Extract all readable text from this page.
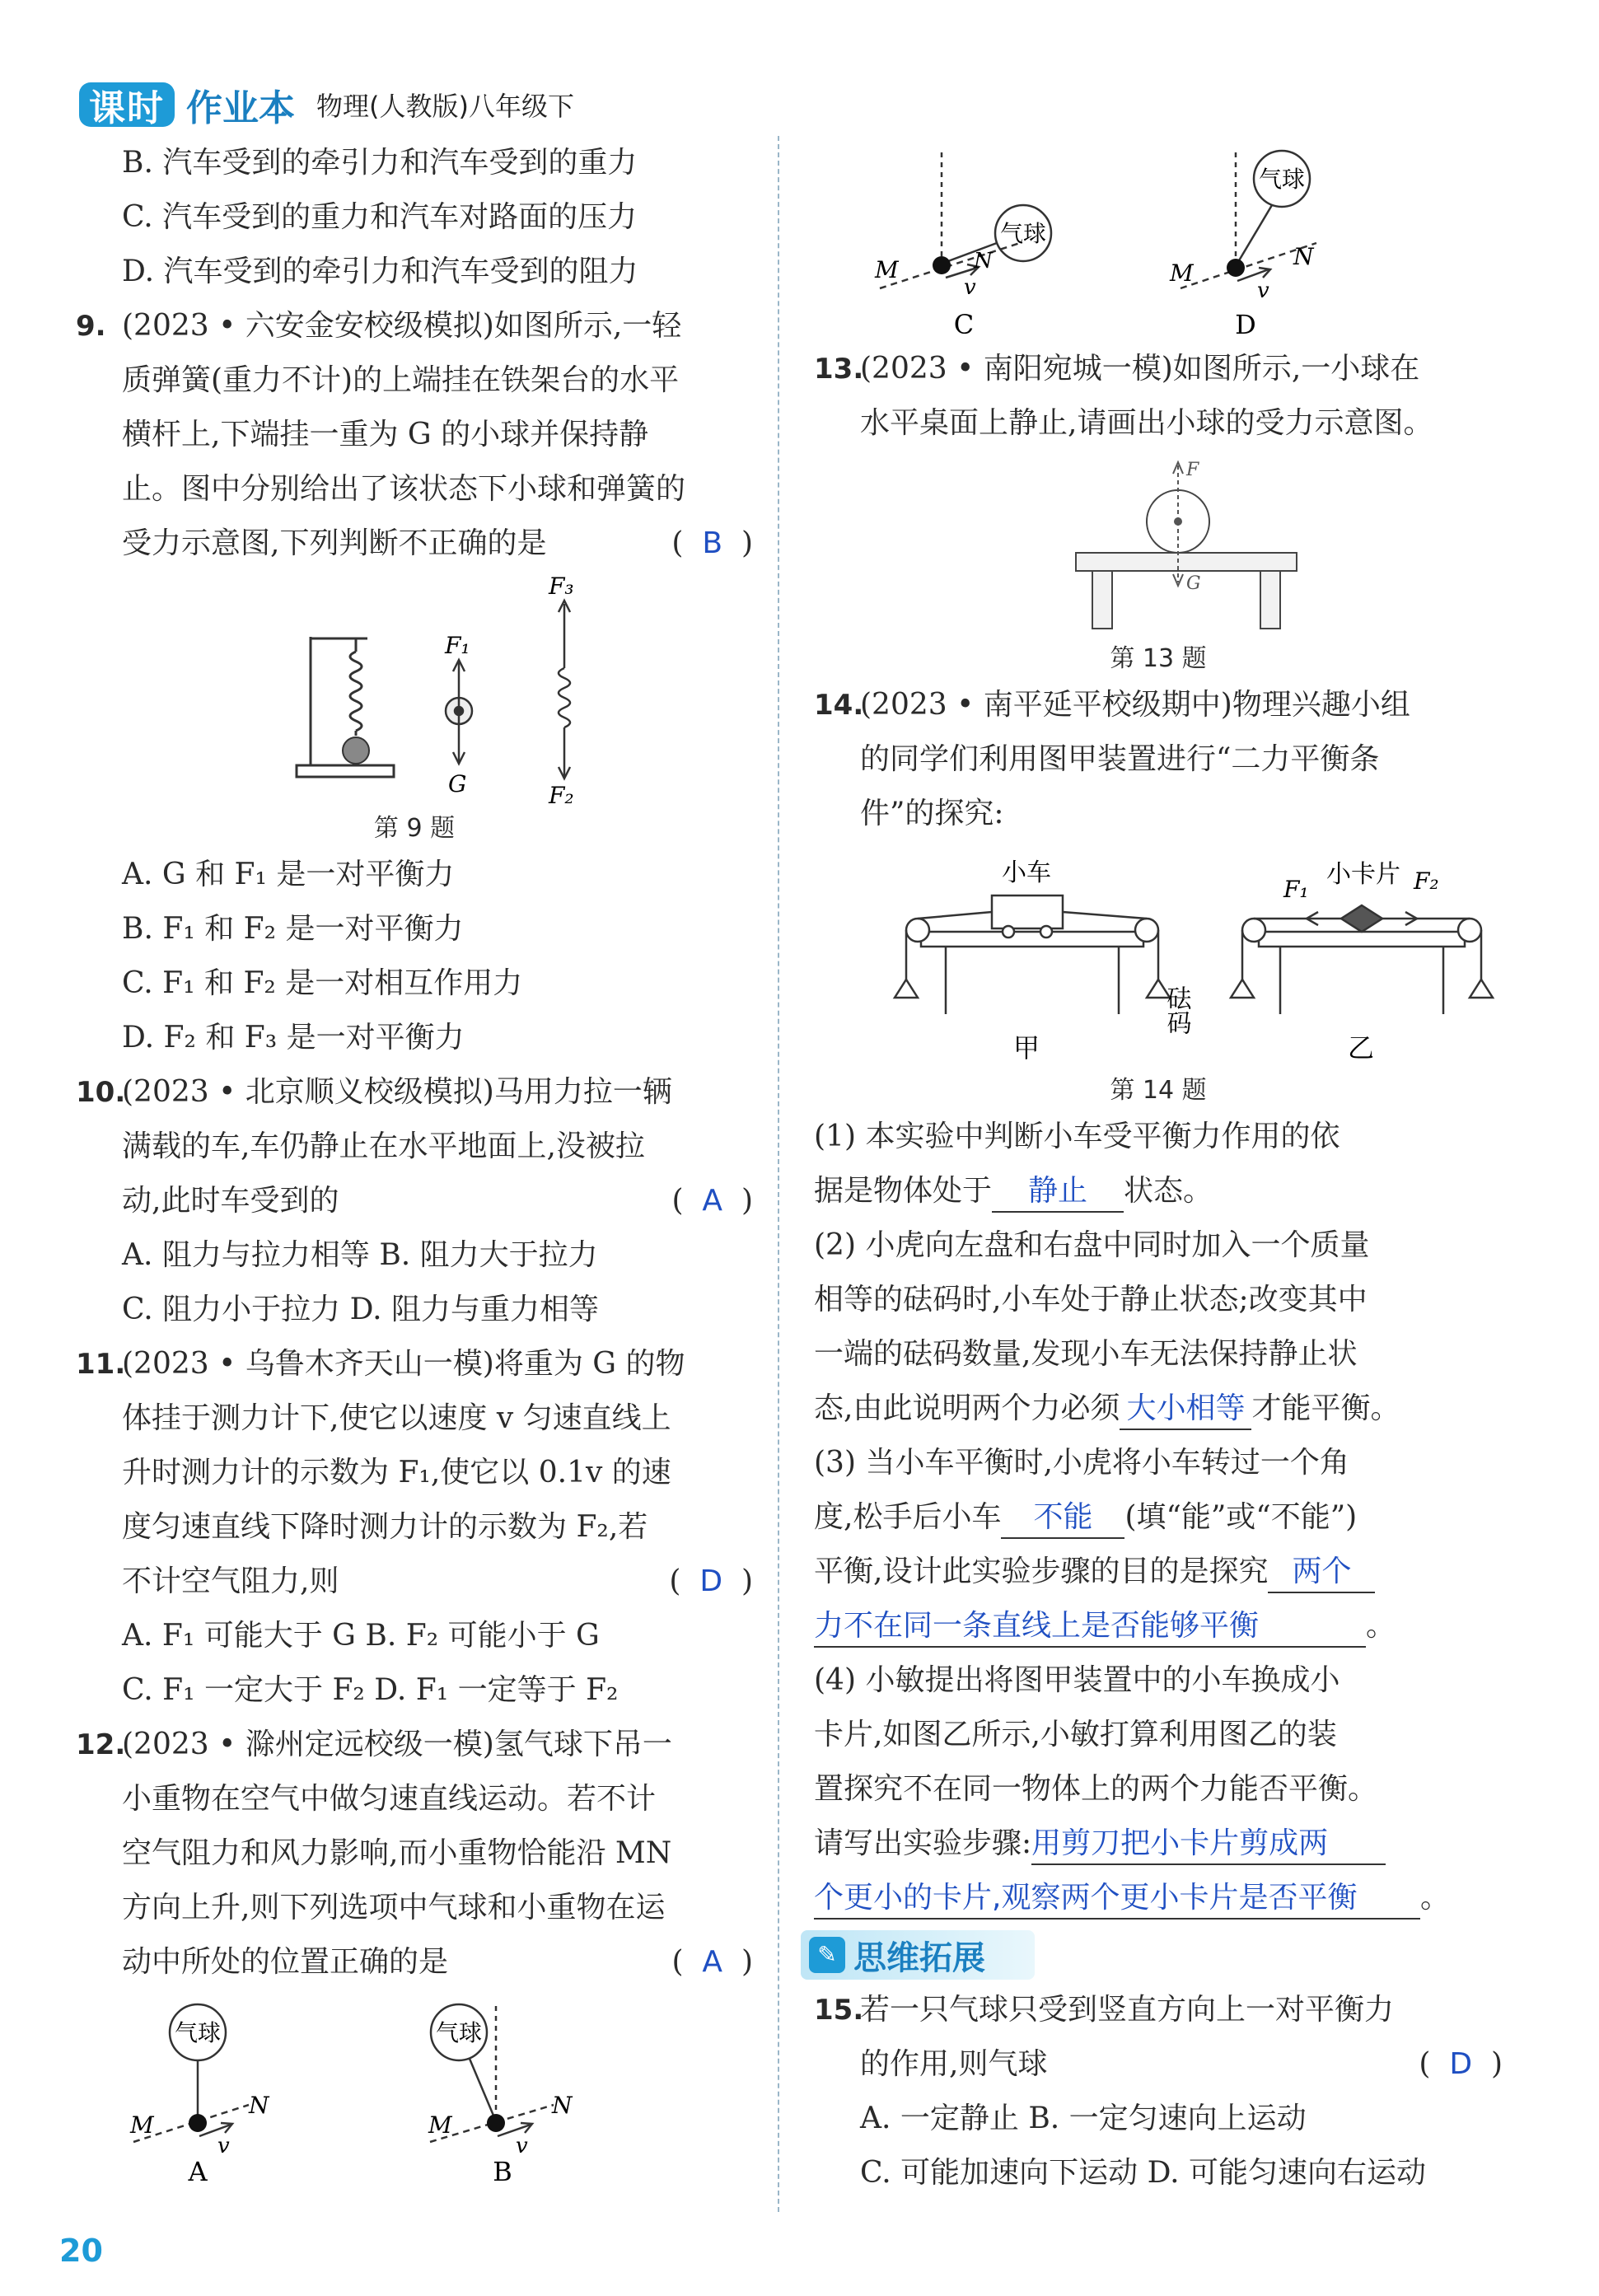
课时 作业本 物理(人教版)八年级下
B. 汽车受到的牵引力和汽车受到的重力
C. 汽车受到的重力和汽车对路面的压力
D. 汽车受到的牵引力和汽车受到的阻力
9. (2023 • 六安金安校级模拟)如图所示,一轻
质弹簧(重力不计)的上端挂在铁架台的水平
横杆上,下端挂一重为 G 的小球并保持静
止。图中分别给出了该状态下小球和弹簧的
受力示意图,下列判断不正确的是	(  B  )
F₁
G
F₃
F₂
第 9 题
A. G 和 F₁ 是一对平衡力
B. F₁ 和 F₂ 是一对平衡力
C. F₁ 和 F₂ 是一对相互作用力
D. F₂ 和 F₃ 是一对平衡力
10.(2023 • 北京顺义校级模拟)马用力拉一辆
满载的车,车仍静止在水平地面上,没被拉
动,此时车受到的	(  A  )
A. 阻力与拉力相等 B. 阻力大于拉力
C. 阻力小于拉力 D. 阻力与重力相等
11.(2023 • 乌鲁木齐天山一模)将重为 G 的物
体挂于测力计下,使它以速度 v 匀速直线上
升时测力计的示数为 F₁,使它以 0.1v 的速
度匀速直线下降时测力计的示数为 F₂,若
不计空气阻力,则	(  D  )
A. F₁ 可能大于 G B. F₂ 可能小于 G
C. F₁ 一定大于 F₂ D. F₁ 一定等于 F₂
12.(2023 • 滁州定远校级一模)氢气球下吊一
小重物在空气中做匀速直线运动。若不计
空气阻力和风力影响,而小重物恰能沿 MN
方向上升,则下列选项中气球和小重物在运
动中所处的位置正确的是	(  A  )
气球
M
N
v
A
气球
M
N
v
B
气球
M	N
v
C
气球
M
N
v
D
13.(2023 • 南阳宛城一模)如图所示,一小球在
水平桌面上静止,请画出小球的受力示意图。
F
G
第 13 题
14.(2023 • 南平延平校级期中)物理兴趣小组
的同学们利用图甲装置进行“二力平衡条
件”的探究:
小车
砝码
甲
小卡片
F₁	F₂
乙
第 14 题
(1) 本实验中判断小车受平衡力作用的依
据是物体处于 静止 状态。
(2) 小虎向左盘和右盘中同时加入一个质量
相等的砝码时,小车处于静止状态;改变其中
一端的砝码数量,发现小车无法保持静止状
态,由此说明两个力必须 大小相等 才能平衡。
(3) 当小车平衡时,小虎将小车转过一个角
度,松手后小车 不能 (填“能”或“不能”)
平衡,设计此实验步骤的目的是探究 两个
力不在同一条直线上是否能够平衡	。
(4) 小敏提出将图甲装置中的小车换成小
卡片,如图乙所示,小敏打算利用图乙的装
置探究不在同一物体上的两个力能否平衡。
请写出实验步骤:用剪刀把小卡片剪成两
个更小的卡片,观察两个更小卡片是否平衡 。
✎ 思维拓展
15.若一只气球只受到竖直方向上一对平衡力
的作用,则气球	(  D  )
A. 一定静止 B. 一定匀速向上运动
C. 可能加速向下运动 D. 可能匀速向右运动
20
